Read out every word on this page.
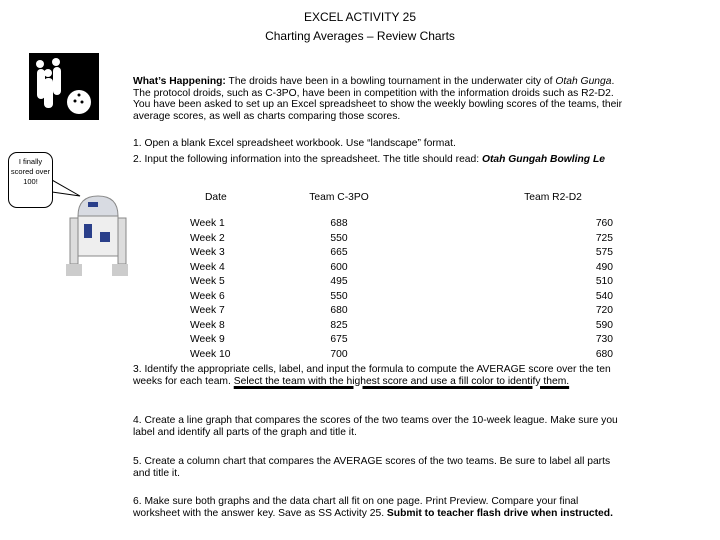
EXCEL ACTIVITY 25
Charting Averages – Review Charts
I finally scored over 100!
What’s Happening: The droids have been in a bowling tournament in the underwater city of Otah Gunga. The protocol droids, such as C-3PO, have been in competition with the information droids such as R2-D2. You have been asked to set up an Excel spreadsheet to show the weekly bowling scores of the teams, their average scores, as well as charts comparing those scores.
1. Open a blank Excel spreadsheet workbook. Use “landscape” format.
2. Input the following information into the spreadsheet. The title should read: Otah Gungah Bowling Le
Date	Team C-3PO	Team R2-D2
Week 1	688	760
Week 2	550	725
Week 3	665	575
Week 4	600	490
Week 5	495	510
Week 6	550	540
Week 7	680	720
Week 8	825	590
Week 9	675	730
Week 10	700	680
3. Identify the appropriate cells, label, and input the formula to compute the AVERAGE score over the ten weeks for each team. Select the team with the highest score and use a fill color to identify them.
4. Create a line graph that compares the scores of the two teams over the 10-week league. Make sure you label and identify all parts of the graph and title it.
5. Create a column chart that compares the AVERAGE scores of the two teams. Be sure to label all parts and title it.
6. Make sure both graphs and the data chart all fit on one page. Print Preview. Compare your final worksheet with the answer key. Save as SS Activity 25. Submit to teacher flash drive when instructed.
